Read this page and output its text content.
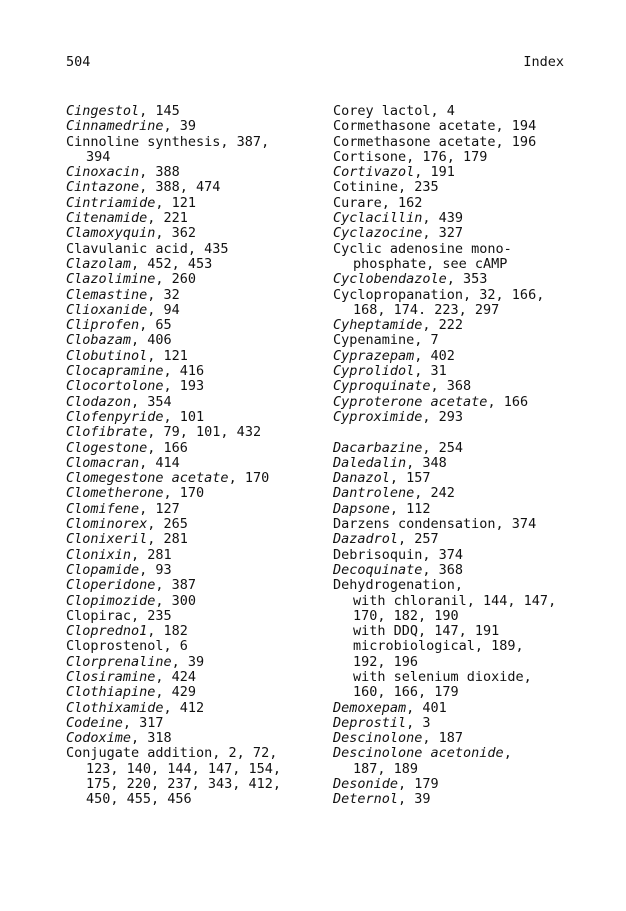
504	Index
Cingestol, 145
Cinnamedrine, 39
Cinnoline synthesis, 387,
394
Cinoxacin, 388
Cintazone, 388, 474
Cintriamide, 121
Citenamide, 221
Clamoxyquin, 362
Clavulanic acid, 435
Clazolam, 452, 453
Clazolimine, 260
Clemastine, 32
Clioxanide, 94
Cliprofen, 65
Clobazam, 406
Clobutinol, 121
Clocapramine, 416
Clocortolone, 193
Clodazon, 354
Clofenpyride, 101
Clofibrate, 79, 101, 432
Clogestone, 166
Clomacran, 414
Clomegestone acetate, 170
Clometherone, 170
Clomifene, 127
Clominorex, 265
Clonixeril, 281
Clonixin, 281
Clopamide, 93
Cloperidone, 387
Clopimozide, 300
Clopirac, 235
Clopredno1, 182
Cloprostenol, 6
Clorprenaline, 39
Closiramine, 424
Clothiapine, 429
Clothixamide, 412
Codeine, 317
Codoxime, 318
Conjugate addition, 2, 72,
123, 140, 144, 147, 154,
175, 220, 237, 343, 412,
450, 455, 456
Corey lactol, 4
Cormethasone acetate, 194
Cormethasone acetate, 196
Cortisone, 176, 179
Cortivazol, 191
Cotinine, 235
Curare, 162
Cyclacillin, 439
Cyclazocine, 327
Cyclic adenosine mono-
phosphate, see cAMP
Cyclobendazole, 353
Cyclopropanation, 32, 166,
168, 174. 223, 297
Cyheptamide, 222
Cypenamine, 7
Cyprazepam, 402
Cyprolidol, 31
Cyproquinate, 368
Cyproterone acetate, 166
Cyproximide, 293
Dacarbazine, 254
Daledalin, 348
Danazol, 157
Dantrolene, 242
Dapsone, 112
Darzens condensation, 374
Dazadrol, 257
Debrisoquin, 374
Decoquinate, 368
Dehydrogenation,
with chloranil, 144, 147,
170, 182, 190
with DDQ, 147, 191
microbiological, 189,
192, 196
with selenium dioxide,
160, 166, 179
Demoxepam, 401
Deprostil, 3
Descinolone, 187
Descinolone acetonide,
187, 189
Desonide, 179
Deternol, 39
